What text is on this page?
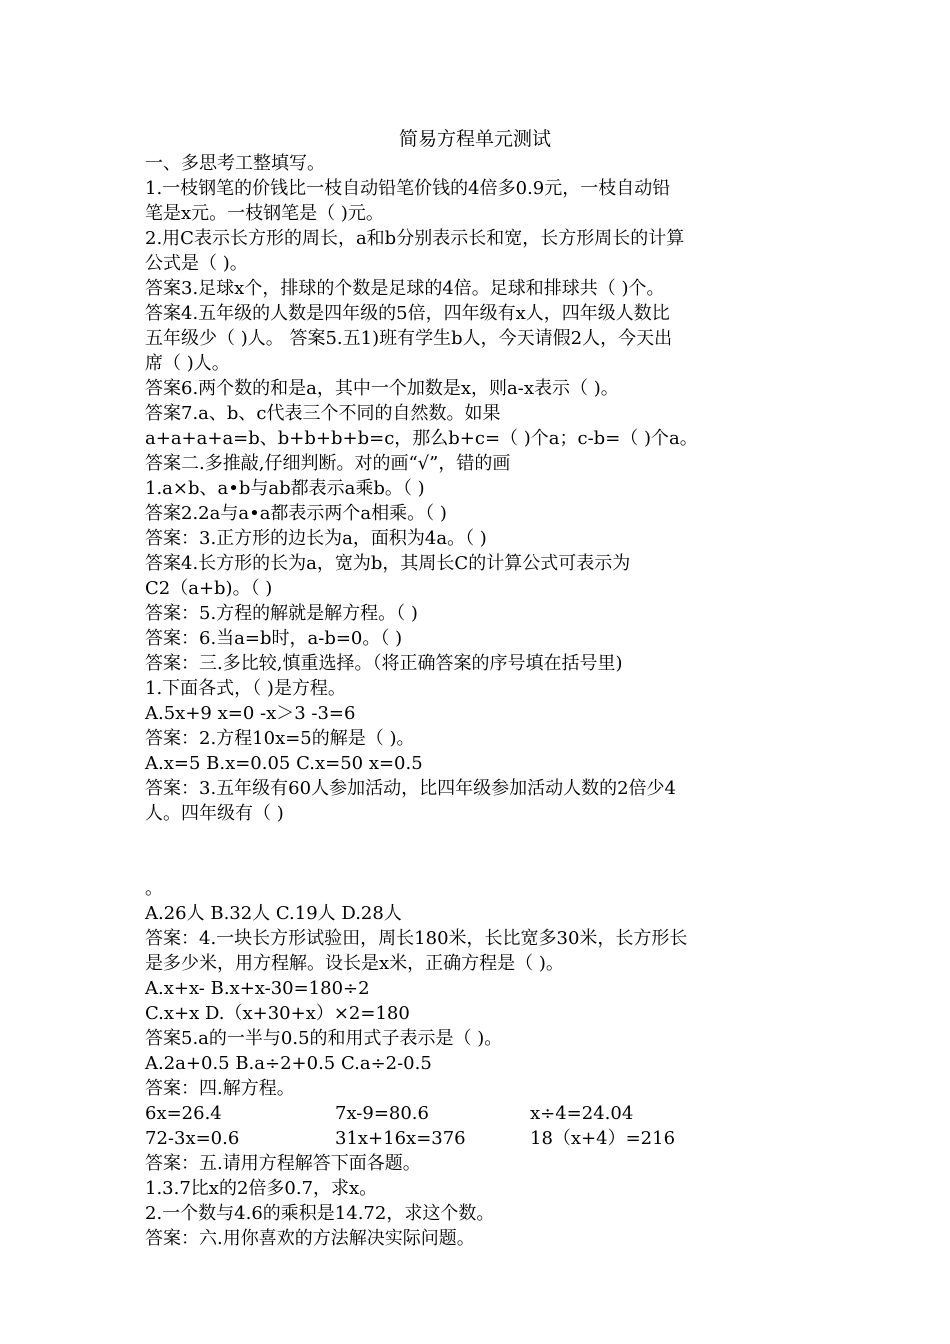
简易方程单元测试
一、多思考工整填写。
1.一枝钢笔的价钱比一枝自动铅笔价钱的4倍多0.9元，一枝自动铅
笔是x元。一枝钢笔是（ )元。
2.用C表示长方形的周长，a和b分别表示长和宽，长方形周长的计算
公式是（ )。
答案3.足球x个，排球的个数是足球的4倍。足球和排球共（ )个。
答案4.五年级的人数是四年级的5倍，四年级有x人，四年级人数比
五年级少（ )人。 答案5.五1)班有学生b人，今天请假2人，今天出
席（ )人。
答案6.两个数的和是a，其中一个加数是x，则a-x表示（ )。
答案7.a、b、c代表三个不同的自然数。如果
a+a+a+a=b、b+b+b+b=c，那么b+c=（ )个a；c-b=（ )个a。
答案二.多推敲,仔细判断。对的画“√”，错的画
1.a×b、a•b与ab都表示a乘b。（ )
答案2.2a与a•a都表示两个a相乘。（ )
答案：3.正方形的边长为a，面积为4a。（ )
答案4.长方形的长为a，宽为b，其周长C的计算公式可表示为
C2（a+b)。（ )
答案：5.方程的解就是解方程。（ )
答案：6.当a=b时，a-b=0。（ )
答案：三.多比较,慎重选择。（将正确答案的序号填在括号里)
1.下面各式，（ )是方程。
A.5x+9 x=0 -x＞3 -3=6
答案：2.方程10x=5的解是（ )。
A.x=5 B.x=0.05 C.x=50 x=0.5
答案：3.五年级有60人参加活动，比四年级参加活动人数的2倍少4
人。四年级有（ )
。
A.26人 B.32人 C.19人 D.28人
答案：4.一块长方形试验田，周长180米，长比宽多30米，长方形长
是多少米，用方程解。设长是x米，正确方程是（ )。
A.x+x- B.x+x-30=180÷2
C.x+x D.（x+30+x）×2=180
答案5.a的一半与0.5的和用式子表示是（ )。
A.2a+0.5 B.a÷2+0.5 C.a÷2-0.5
答案：四.解方程。
6x=26.4	7x-9=80.6	x÷4=24.04
72-3x=0.6	31x+16x=376	18（x+4）=216
答案：五.请用方程解答下面各题。
1.3.7比x的2倍多0.7，求x。
2.一个数与4.6的乘积是14.72，求这个数。
答案：六.用你喜欢的方法解决实际问题。
